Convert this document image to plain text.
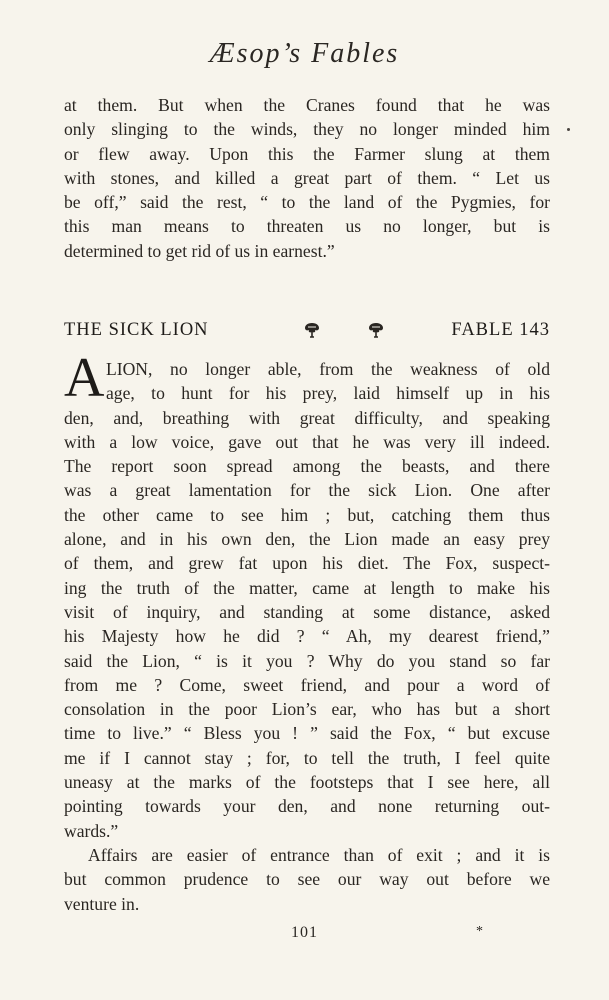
Æsop’s Fables
at them. But when the Cranes found that he was
only slinging to the winds, they no longer minded him
or flew away. Upon this the Farmer slung at them
with stones, and killed a great part of them. “ Let us
be off,” said the rest, “ to the land of the Pygmies, for
this man means to threaten us no longer, but is
determined to get rid of us in earnest.”
THE SICK LION	FABLE 143
A LION, no longer able, from the weakness of old
age, to hunt for his prey, laid himself up in his
den, and, breathing with great difficulty, and speaking
with a low voice, gave out that he was very ill indeed.
The report soon spread among the beasts, and there
was a great lamentation for the sick Lion. One after
the other came to see him ; but, catching them thus
alone, and in his own den, the Lion made an easy prey
of them, and grew fat upon his diet. The Fox, suspect-
ing the truth of the matter, came at length to make his
visit of inquiry, and standing at some distance, asked
his Majesty how he did ? “ Ah, my dearest friend,”
said the Lion, “ is it you ? Why do you stand so far
from me ? Come, sweet friend, and pour a word of
consolation in the poor Lion’s ear, who has but a short
time to live.” “ Bless you ! ” said the Fox, “ but excuse
me if I cannot stay ; for, to tell the truth, I feel quite
uneasy at the marks of the footsteps that I see here, all
pointing towards your den, and none returning out-
wards.”
Affairs are easier of entrance than of exit ; and it is
but common prudence to see our way out before we
venture in.
101	*
